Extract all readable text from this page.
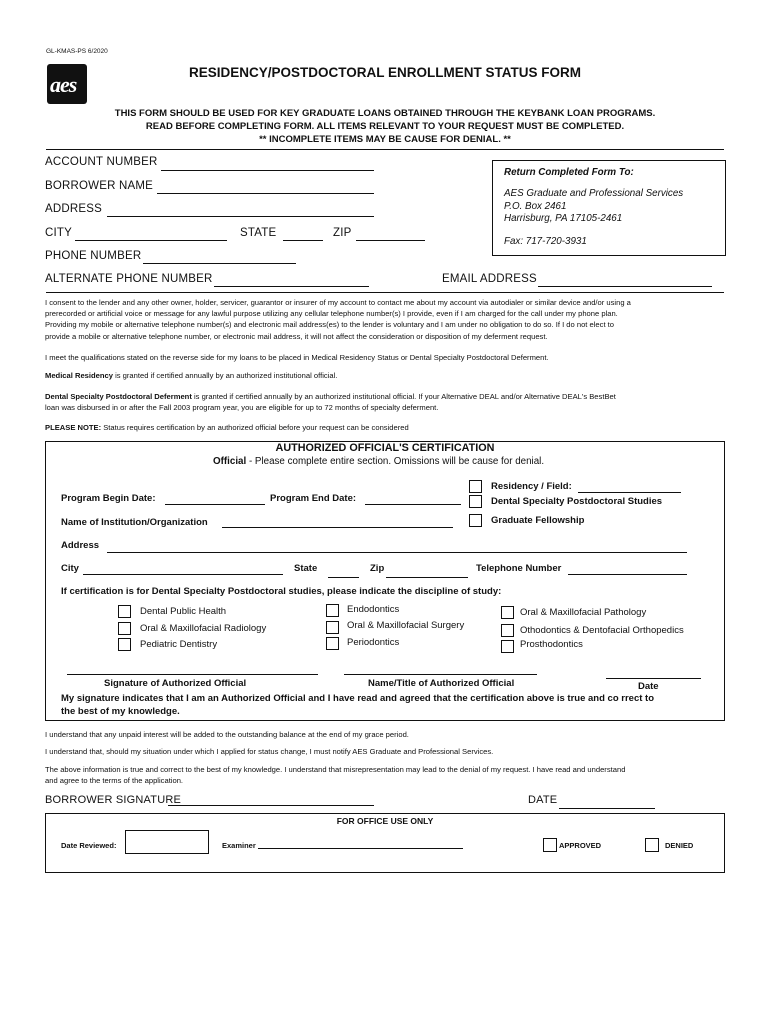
GL-KMAS-PS 6/2020
aes	RESIDENCY/POSTDOCTORAL ENROLLMENT STATUS FORM
THIS FORM SHOULD BE USED FOR KEY GRADUATE LOANS OBTAINED THROUGH THE KEYBANK LOAN PROGRAMS.
READ BEFORE COMPLETING FORM. ALL ITEMS RELEVANT TO YOUR REQUEST MUST BE COMPLETED.
** INCOMPLETE ITEMS MAY BE CAUSE FOR DENIAL. **
ACCOUNT NUMBER
BORROWER NAME
ADDRESS
CITY	STATE	ZIP
PHONE NUMBER
ALTERNATE PHONE NUMBER	EMAIL ADDRESS
Return Completed Form To:
AES Graduate and Professional Services
P.O. Box 2461
Harrisburg, PA 17105-2461
Fax: 717-720-3931
I consent to the lender and any other owner, holder, servicer, guarantor or insurer of my account to contact me about my account via autodialer or similar device and/or using a
prerecorded or artificial voice or message for any lawful purpose utilizing any cellular telephone number(s) I provide, even if I am charged for the call under my phone plan.
Providing my mobile or alternative telephone number(s) and electronic mail address(es) to the lender is voluntary and I am under no obligation to do so. If I do not elect to
provide a mobile or alternative telephone number, or electronic mail address, it will not affect the consideration or disposition of my deferment request.
I meet the qualifications stated on the reverse side for my loans to be placed in Medical Residency Status or Dental Specialty Postdoctoral Deferment.
Medical Residency is granted if certified annually by an authorized institutional official.
Dental Specialty Postdoctoral Deferment is granted if certified annually by an authorized institutional official. If your Alternative DEAL and/or Alternative DEAL's BestBet
loan was disbursed in or after the Fall 2003 program year, you are eligible for up to 72 months of specialty deferment.
PLEASE NOTE: Status requires certification by an authorized official before your request can be considered
AUTHORIZED OFFICIAL'S CERTIFICATION
Official - Please complete entire section. Omissions will be cause for denial.
Residency / Field:
Dental Specialty Postdoctoral Studies
Graduate Fellowship
Program Begin Date:	Program End Date:
Name of Institution/Organization
Address
City	State	Zip	Telephone Number
If certification is for Dental Specialty Postdoctoral studies, please indicate the discipline of study:
Dental Public Health
Oral & Maxillofacial Radiology
Pediatric Dentistry
Endodontics
Oral & Maxillofacial Surgery
Periodontics
Oral & Maxillofacial Pathology
Othodontics & Dentofacial Orthopedics
Prosthodontics
Signature of Authorized Official	Name/Title of Authorized Official	Date
My signature indicates that I am an Authorized Official and I have read and agreed that the certification above is true and co rrect to
the best of my knowledge.
I understand that any unpaid interest will be added to the outstanding balance at the end of my grace period.
I understand that, should my situation under which I applied for status change, I must notify AES Graduate and Professional Services.
The above information is true and correct to the best of my knowledge. I understand that misrepresentation may lead to the denial of my request. I have read and understand
and agree to the terms of the application.
BORROWER SIGNATURE	DATE
FOR OFFICE USE ONLY
Date Reviewed:	Examiner	APPROVED	DENIED
